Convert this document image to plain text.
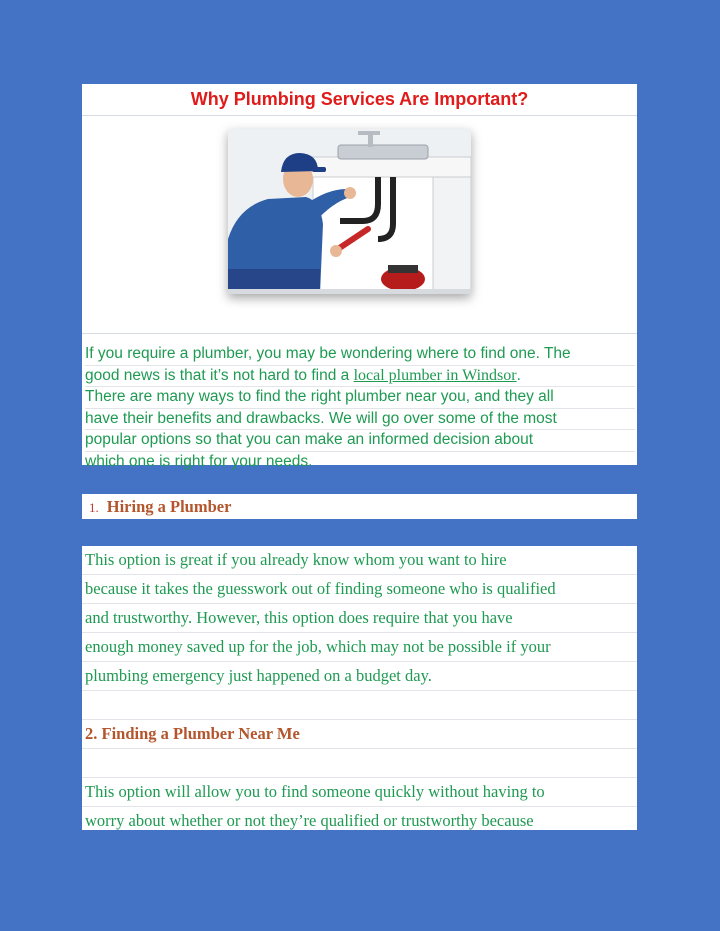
Why Plumbing Services Are Important?
If you require a plumber, you may be wondering where to find one. The
good news is that it’s not hard to find a local plumber in Windsor.
There are many ways to find the right plumber near you, and they all
have their benefits and drawbacks. We will go over some of the most
popular options so that you can make an informed decision about
which one is right for your needs.
1. Hiring a Plumber
This option is great if you already know whom you want to hire
because it takes the guesswork out of finding someone who is qualified
and trustworthy. However, this option does require that you have
enough money saved up for the job, which may not be possible if your
plumbing emergency just happened on a budget day.
2. Finding a Plumber Near Me
This option will allow you to find someone quickly without having to
worry about whether or not they’re qualified or trustworthy because
